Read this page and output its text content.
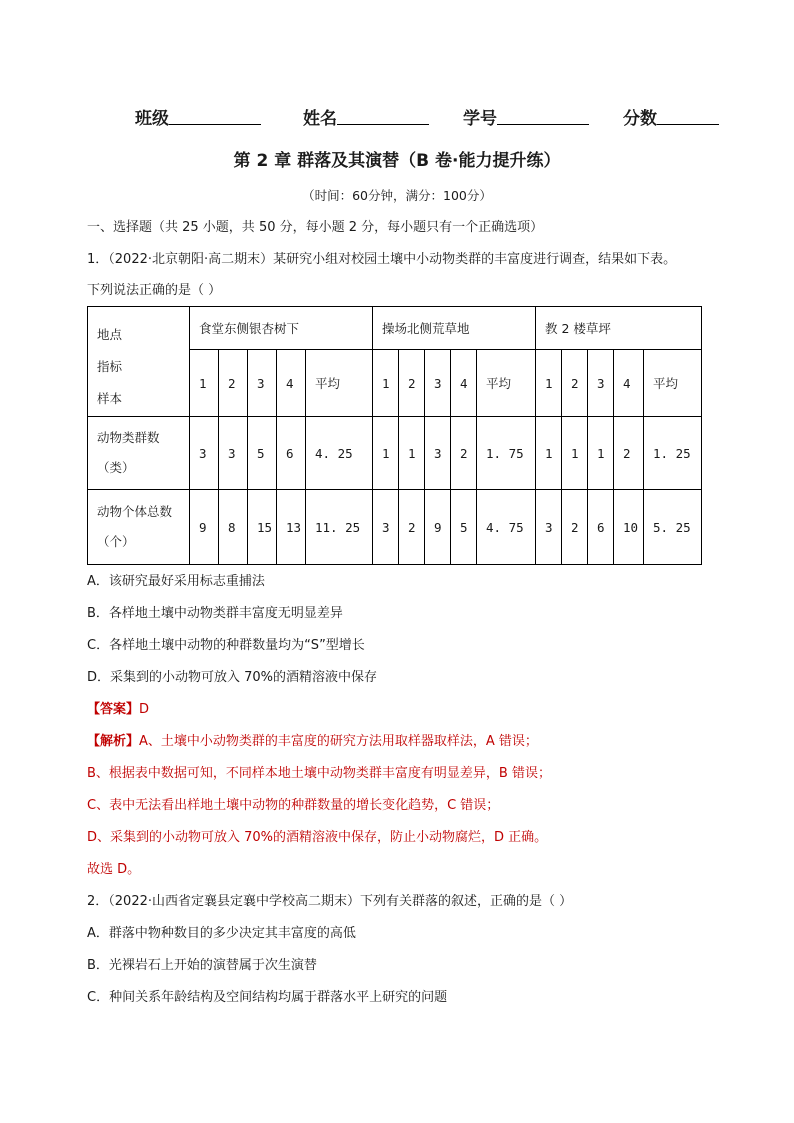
班级	姓名	学号	分数
第 2 章 群落及其演替（B 卷·能力提升练）
（时间：60分钟，满分：100分）
一、选择题（共 25 小题，共 50 分，每小题 2 分，每小题只有一个正确选项）
1．（2022·北京朝阳·高二期末）某研究小组对校园土壤中小动物类群的丰富度进行调查，结果如下表。
下列说法正确的是（ ）
地点
指标
样本	食堂东侧银杏树下					操场北侧荒草地					教 2 楼草坪				
	1	2	3	4	平均	1	2	3	4	平均	1	2	3	4	平均

动物类群数
（类）	3	3	5	6	4. 25	1	1	3	2	1. 75	1	1	1	2	1. 25

动物个体总数
（个）	9	8	15	13	11. 25	3	2	9	5	4. 75	3	2	6	10	5. 25
A．该研究最好采用标志重捕法
B．各样地土壤中动物类群丰富度无明显差异
C．各样地土壤中动物的种群数量均为“S”型增长
D．采集到的小动物可放入 70%的酒精溶液中保存
【答案】D
【解析】A、土壤中小动物类群的丰富度的研究方法用取样器取样法，A 错误；
B、根据表中数据可知，不同样本地土壤中动物类群丰富度有明显差异，B 错误；
C、表中无法看出样地土壤中动物的种群数量的增长变化趋势，C 错误；
D、采集到的小动物可放入 70%的酒精溶液中保存，防止小动物腐烂，D 正确。
故选 D。
2．（2022·山西省定襄县定襄中学校高二期末）下列有关群落的叙述，正确的是（ ）
A．群落中物种数目的多少决定其丰富度的高低
B．光裸岩石上开始的演替属于次生演替
C．种间关系年龄结构及空间结构均属于群落水平上研究的问题
